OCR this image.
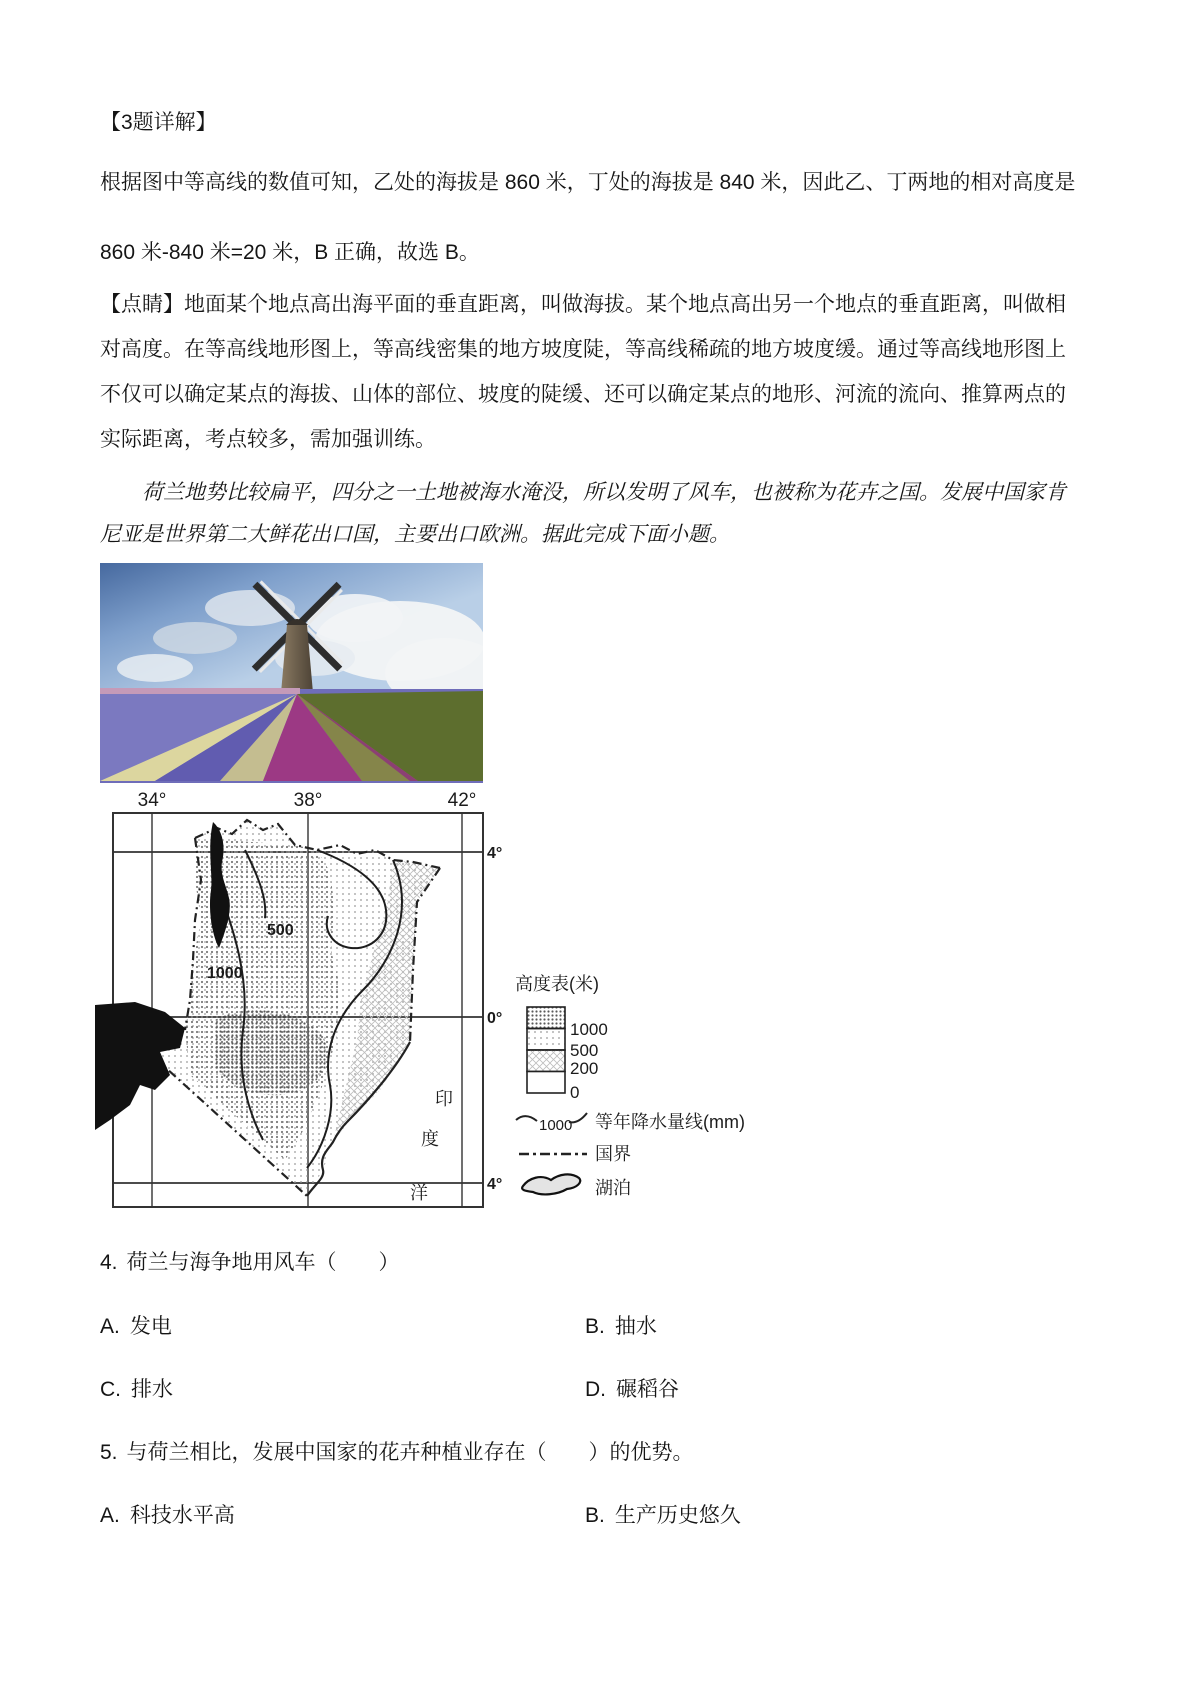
【3题详解】
根据图中等高线的数值可知，乙处的海拔是 860 米，丁处的海拔是 840 米，因此乙、丁两地的相对高度是
860 米-840 米=20 米，B 正确，故选 B。
【点睛】地面某个地点高出海平面的垂直距离，叫做海拔。某个地点高出另一个地点的垂直距离，叫做相
对高度。在等高线地形图上，等高线密集的地方坡度陡，等高线稀疏的地方坡度缓。通过等高线地形图上
不仅可以确定某点的海拔、山体的部位、坡度的陡缓、还可以确定某点的地形、河流的流向、推算两点的
实际距离，考点较多，需加强训练。
　　荷兰地势比较扁平，四分之一土地被海水淹没，所以发明了风车，也被称为花卉之国。发展中国家肯
尼亚是世界第二大鲜花出口国，主要出口欧洲。据此完成下面小题。
34°	38°	42°
4°
0°
4°
500
1000
印
度
洋
高度表(米)
1000
500
200
0
1000 等年降水量线(mm)
国界
湖泊
4. 荷兰与海争地用风车（　　）
A. 发电	B. 抽水
C. 排水	D. 碾稻谷
5. 与荷兰相比，发展中国家的花卉种植业存在（　　）的优势。
A. 科技水平高	B. 生产历史悠久
